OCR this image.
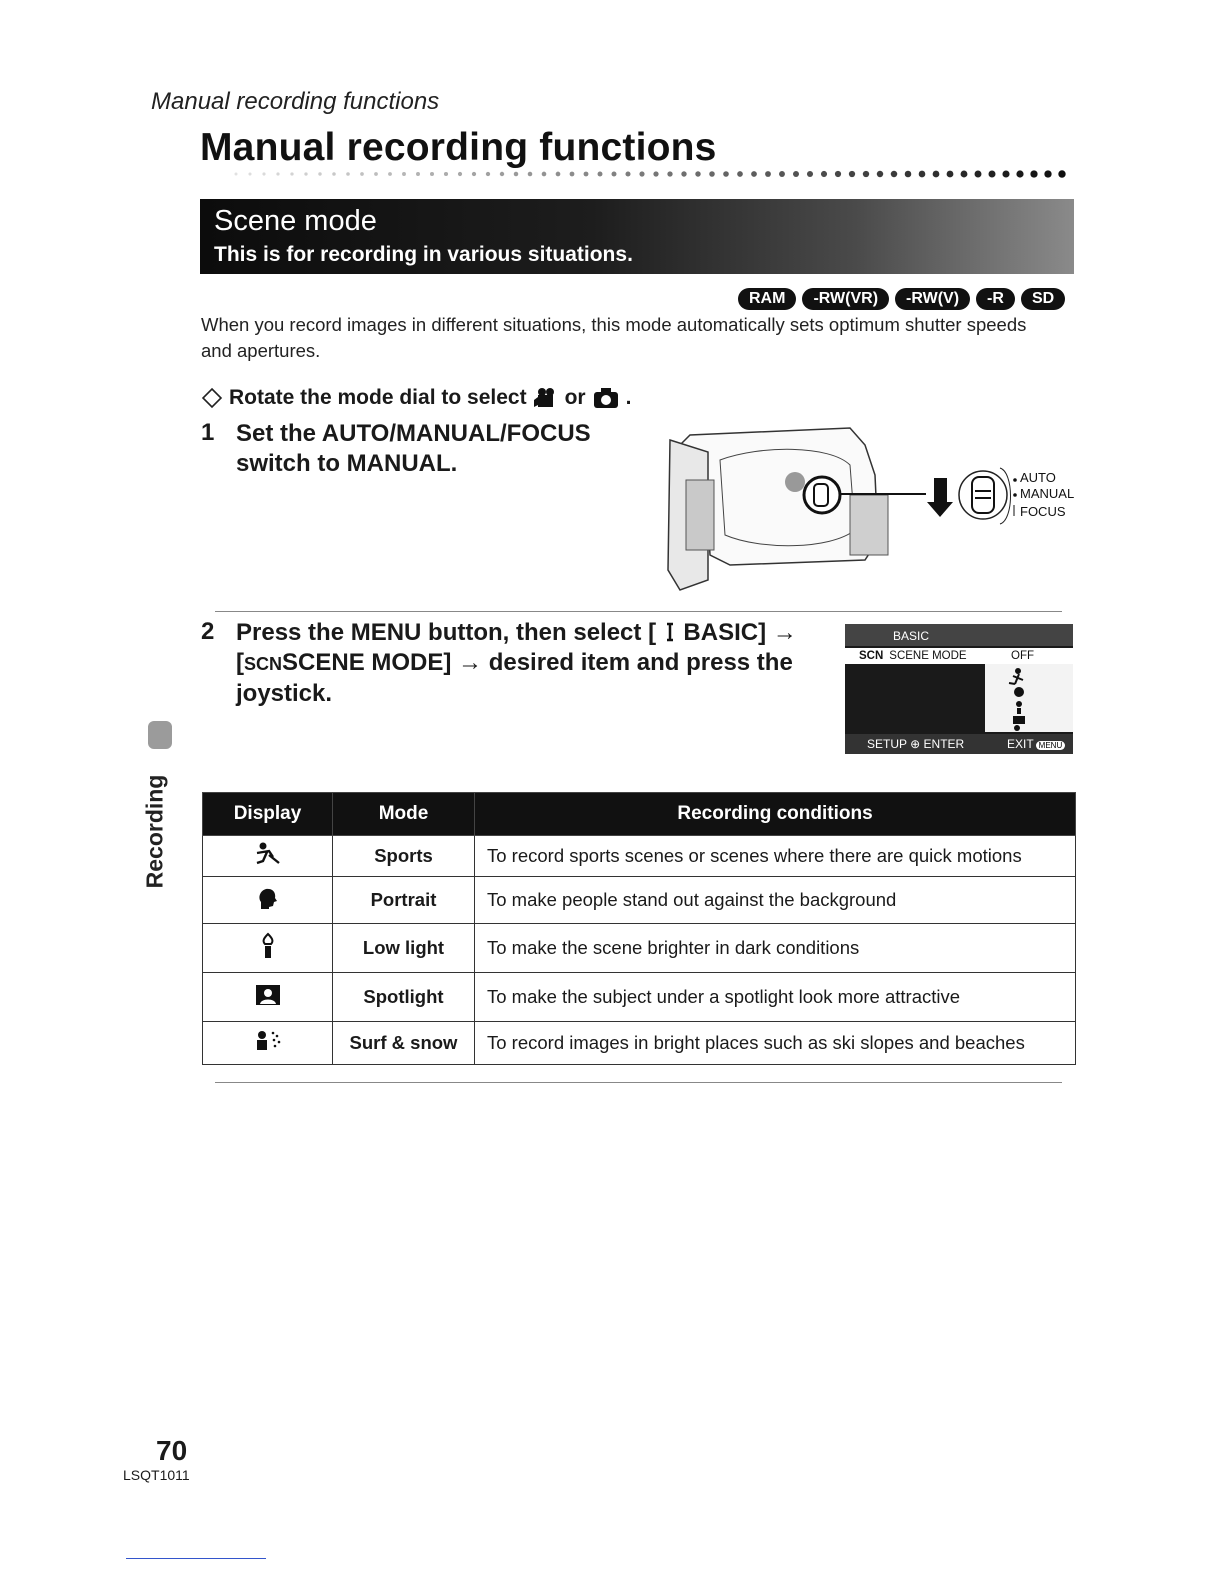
Manual recording functions
Manual recording functions
Scene mode
This is for recording in various situations.
RAM	-RW(VR)	-RW(V)	-R	SD
When you record images in different situations, this mode automatically sets optimum shutter speeds and apertures.
Rotate the mode dial to select or .
1 Set the AUTO/MANUAL/FOCUS switch to MANUAL.
AUTO
MANUAL
FOCUS
2 Press the MENU button, then select [ BASIC] →
[SCNSCENE MODE] → desired item and press the
joystick.
BASIC
SCN SCENE MODE	OFF
SETUP ⊕ ENTER	EXIT MENU
Recording	Display	Mode	Recording conditions
	Sports	To record sports scenes or scenes where there are quick motions
	Portrait	To make people stand out against the background
	Low light	To make the scene brighter in dark conditions
	Spotlight	To make the subject under a spotlight look more attractive
	Surf & snow	To record images in bright places such as ski slopes and beaches
70
LSQT1011
